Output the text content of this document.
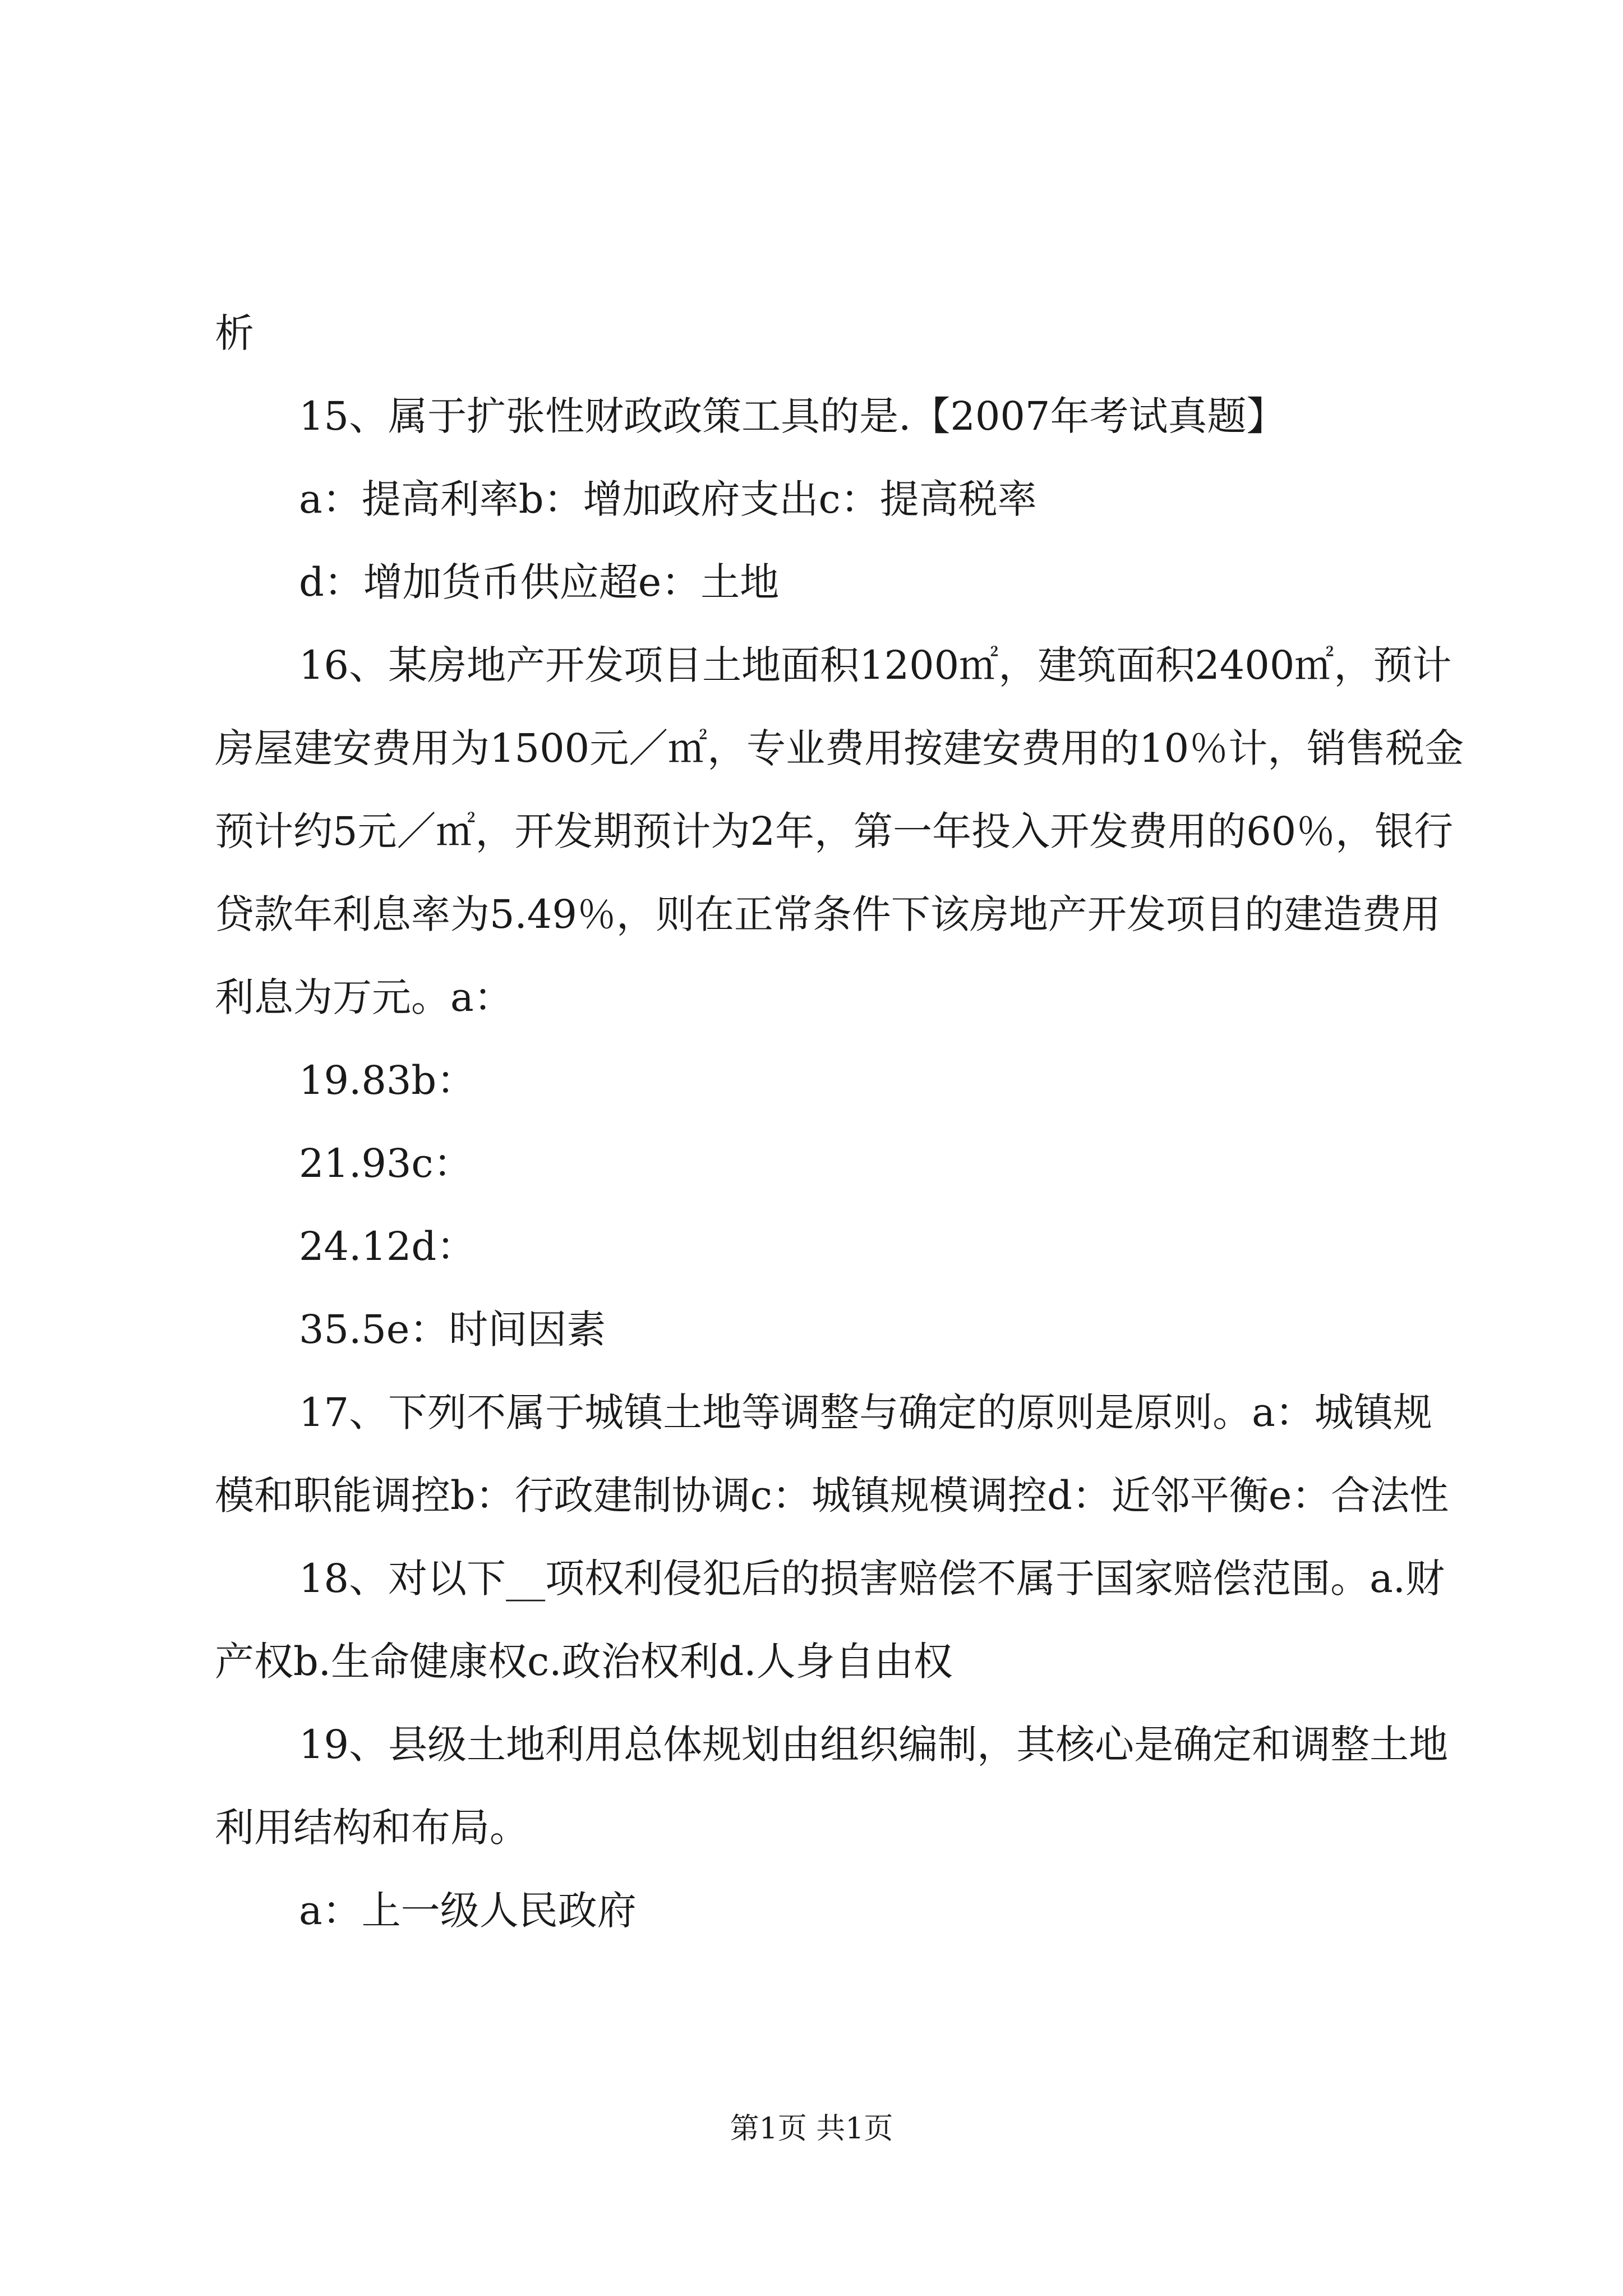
析

15、属于扩张性财政政策工具的是.【2007年考试真题】

a：提高利率b：增加政府支出c：提高税率

d：增加货币供应超e：土地

16、某房地产开发项目土地面积1200㎡，建筑面积2400㎡，预计房屋建安费用为1500元／㎡，专业费用按建安费用的10％计，销售税金预计约5元／㎡，开发期预计为2年，第一年投入开发费用的60％，银行贷款年利息率为5.49％，则在正常条件下该房地产开发项目的建造费用利息为万元。a：

19.83b：

21.93c：

24.12d：

35.5e：时间因素

17、下列不属于城镇土地等调整与确定的原则是原则。a：城镇规模和职能调控b：行政建制协调c：城镇规模调控d：近邻平衡e：合法性

18、对以下__项权利侵犯后的损害赔偿不属于国家赔偿范围。a.财产权b.生命健康权c.政治权利d.人身自由权

19、县级土地利用总体规划由组织编制，其核心是确定和调整土地利用结构和布局。

a：上一级人民政府

第1页 共1页
